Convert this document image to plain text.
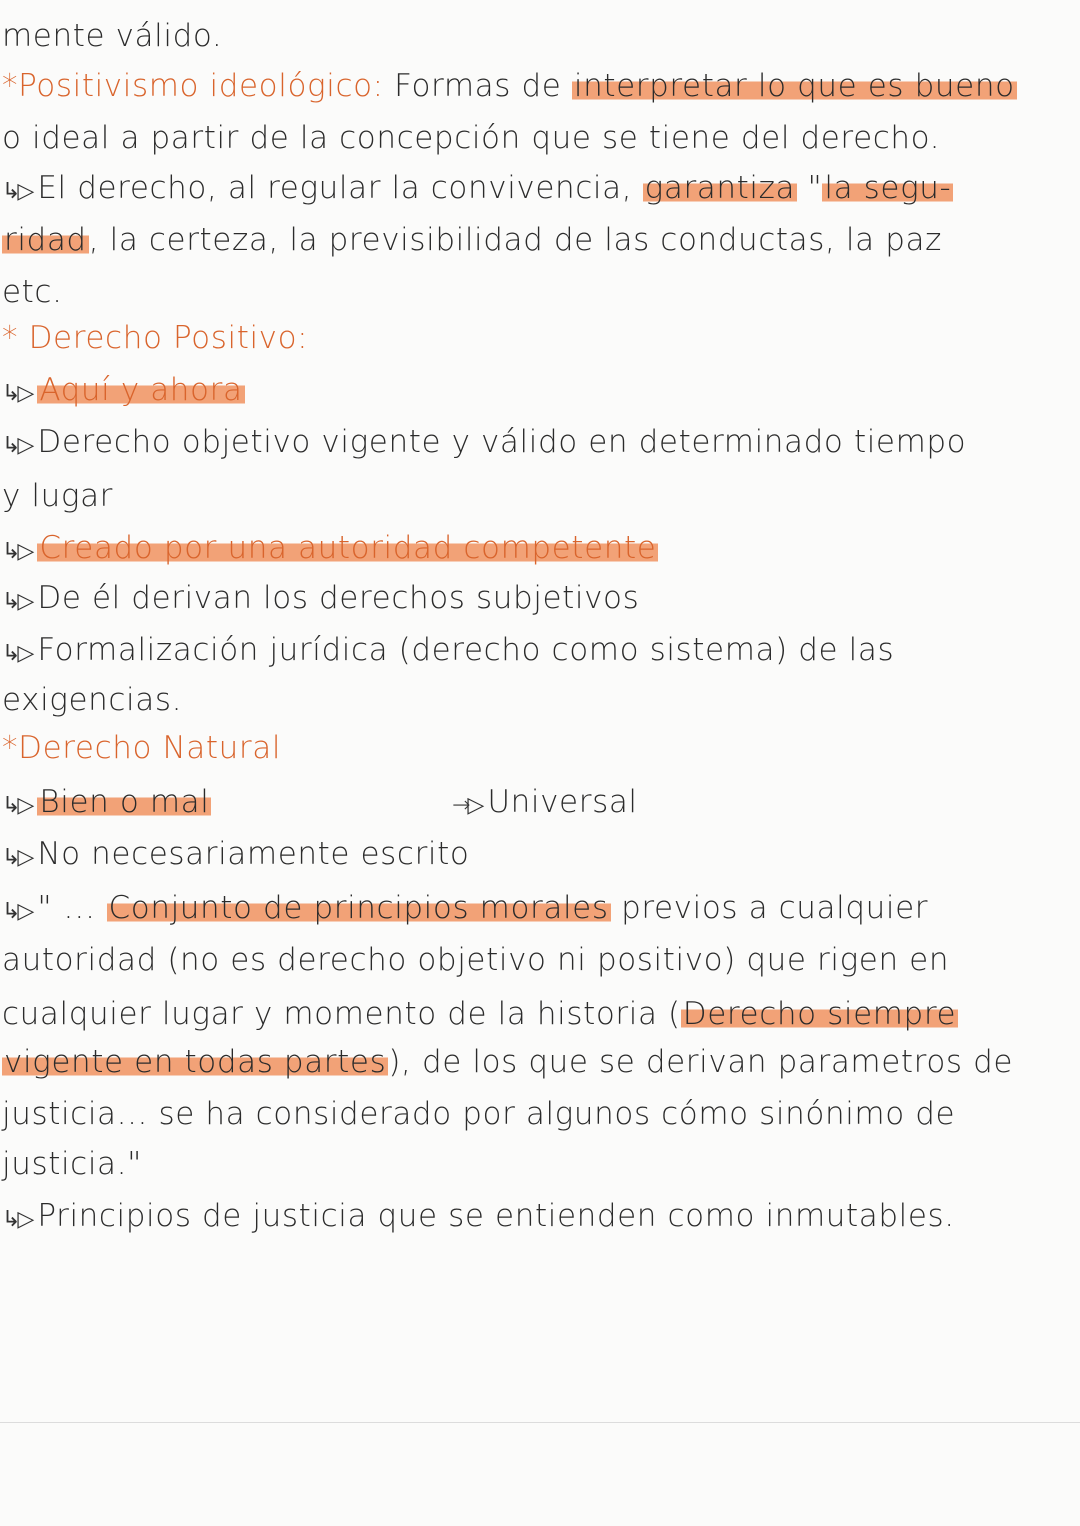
mente válido.
*Positivismo ideológico: Formas de interpretar lo que es bueno
o ideal a partir de la concepción que se tiene del derecho.
↳▷ El derecho, al regular la convivencia, garantiza "la segu-
ridad, la certeza, la previsibilidad de las conductas, la paz
etc.
* Derecho Positivo:
↳▷ Aquí y ahora
↳▷ Derecho objetivo vigente y válido en determinado tiempo
y lugar
↳▷ Creado por una autoridad competente
↳▷ De él derivan los derechos subjetivos
↳▷ Formalización jurídica (derecho como sistema) de las
exigencias.
*Derecho Natural
↳▷ Bien o mal	→▷ Universal
↳▷ No necesariamente escrito
↳▷ " ... Conjunto de principios morales previos a cualquier
autoridad (no es derecho objetivo ni positivo) que rigen en
cualquier lugar y momento de la historia (Derecho siempre
vigente en todas partes), de los que se derivan parametros de
justicia... se ha considerado por algunos cómo sinónimo de
justicia."
↳▷ Principios de justicia que se entienden como inmutables.
